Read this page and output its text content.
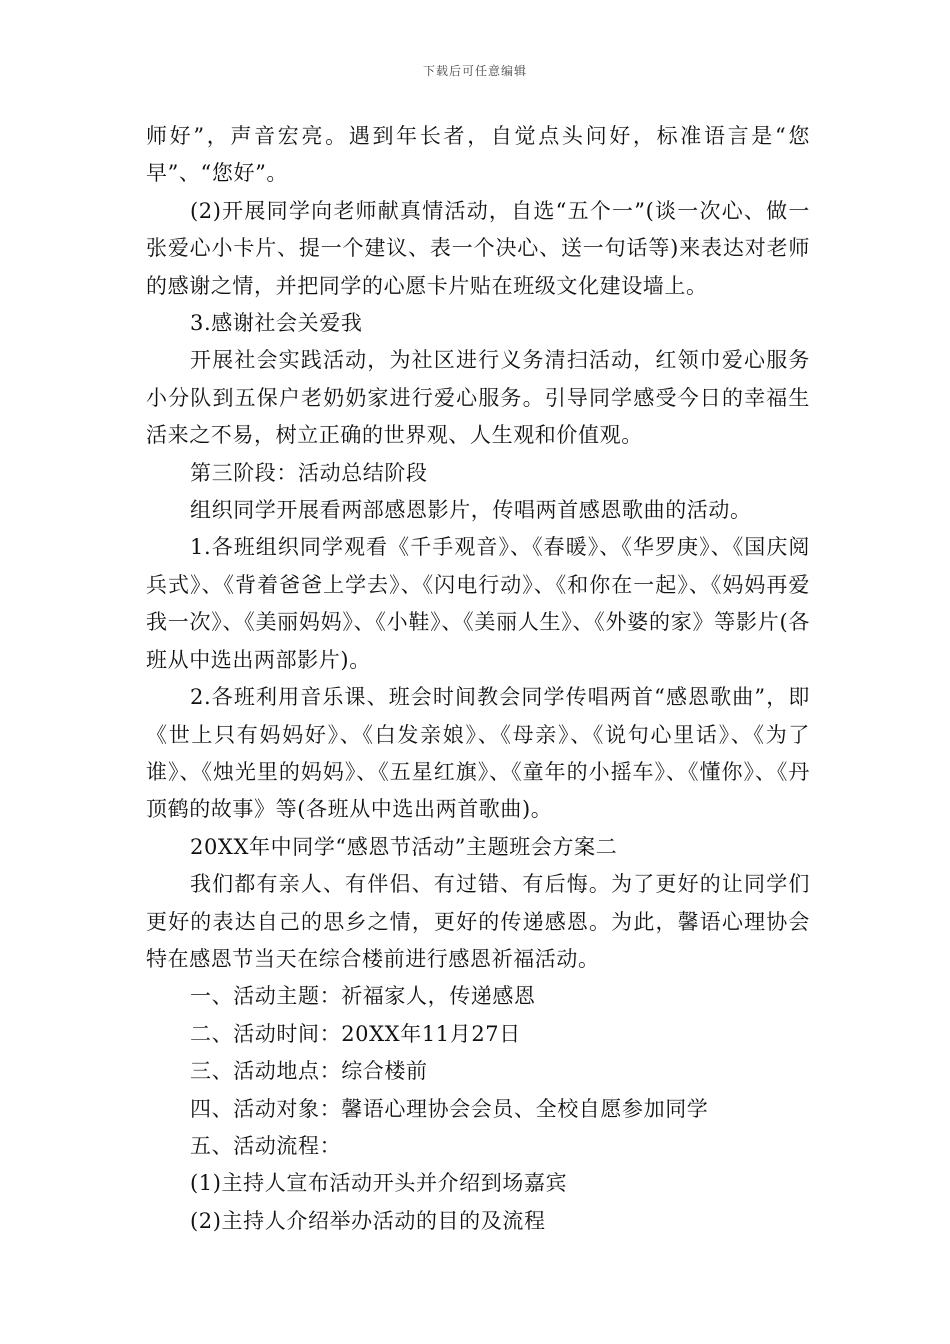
下载后可任意编辑

师好”，声音宏亮。遇到年长者，自觉点头问好，标准语言是“您早”、“您好”。

(2)开展同学向老师献真情活动，自选“五个一”(谈一次心、做一张爱心小卡片、提一个建议、表一个决心、送一句话等)来表达对老师的感谢之情，并把同学的心愿卡片贴在班级文化建设墙上。

3.感谢社会关爱我

开展社会实践活动，为社区进行义务清扫活动，红领巾爱心服务小分队到五保户老奶奶家进行爱心服务。引导同学感受今日的幸福生活来之不易，树立正确的世界观、人生观和价值观。

第三阶段：活动总结阶段

组织同学开展看两部感恩影片，传唱两首感恩歌曲的活动。

1.各班组织同学观看《千手观音》、《春暖》、《华罗庚》、《国庆阅兵式》、《背着爸爸上学去》、《闪电行动》、《和你在一起》、《妈妈再爱我一次》、《美丽妈妈》、《小鞋》、《美丽人生》、《外婆的家》等影片(各班从中选出两部影片)。

2.各班利用音乐课、班会时间教会同学传唱两首“感恩歌曲”，即《世上只有妈妈好》、《白发亲娘》、《母亲》、《说句心里话》、《为了谁》、《烛光里的妈妈》、《五星红旗》、《童年的小摇车》、《懂你》、《丹顶鹤的故事》等(各班从中选出两首歌曲)。

20XX年中同学“感恩节活动”主题班会方案二

我们都有亲人、有伴侣、有过错、有后悔。为了更好的让同学们更好的表达自己的思乡之情，更好的传递感恩。为此，馨语心理协会特在感恩节当天在综合楼前进行感恩祈福活动。

一、活动主题：祈福家人，传递感恩

二、活动时间：20XX年11月27日

三、活动地点：综合楼前

四、活动对象：馨语心理协会会员、全校自愿参加同学

五、活动流程：

(1)主持人宣布活动开头并介绍到场嘉宾

(2)主持人介绍举办活动的目的及流程
